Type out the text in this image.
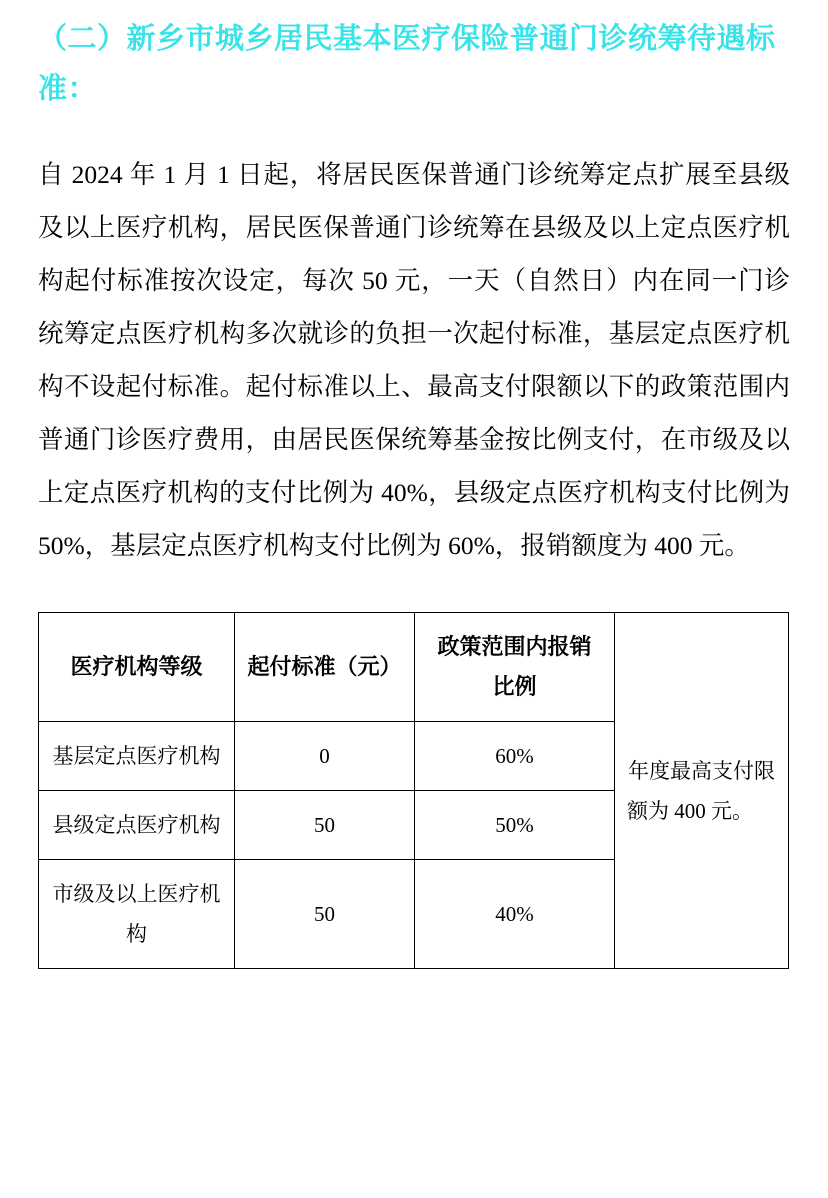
（二）新乡市城乡居民基本医疗保险普通门诊统筹待遇标准：

自 2024 年 1 月 1 日起，将居民医保普通门诊统筹定点扩展至县级及以上医疗机构，居民医保普通门诊统筹在县级及以上定点医疗机构起付标准按次设定，每次 50 元，一天（自然日）内在同一门诊统筹定点医疗机构多次就诊的负担一次起付标准，基层定点医疗机构不设起付标准。起付标准以上、最高支付限额以下的政策范围内普通门诊医疗费用，由居民医保统筹基金按比例支付，在市级及以上定点医疗机构的支付比例为 40%，县级定点医疗机构支付比例为 50%，基层定点医疗机构支付比例为 60%，报销额度为 400 元。

医疗机构等级	起付标准（元）	政策范围内报销比例	年度最高支付限额为 400 元。
基层定点医疗机构	0	60%	
县级定点医疗机构	50	50%	
市级及以上医疗机构	50	40%	
